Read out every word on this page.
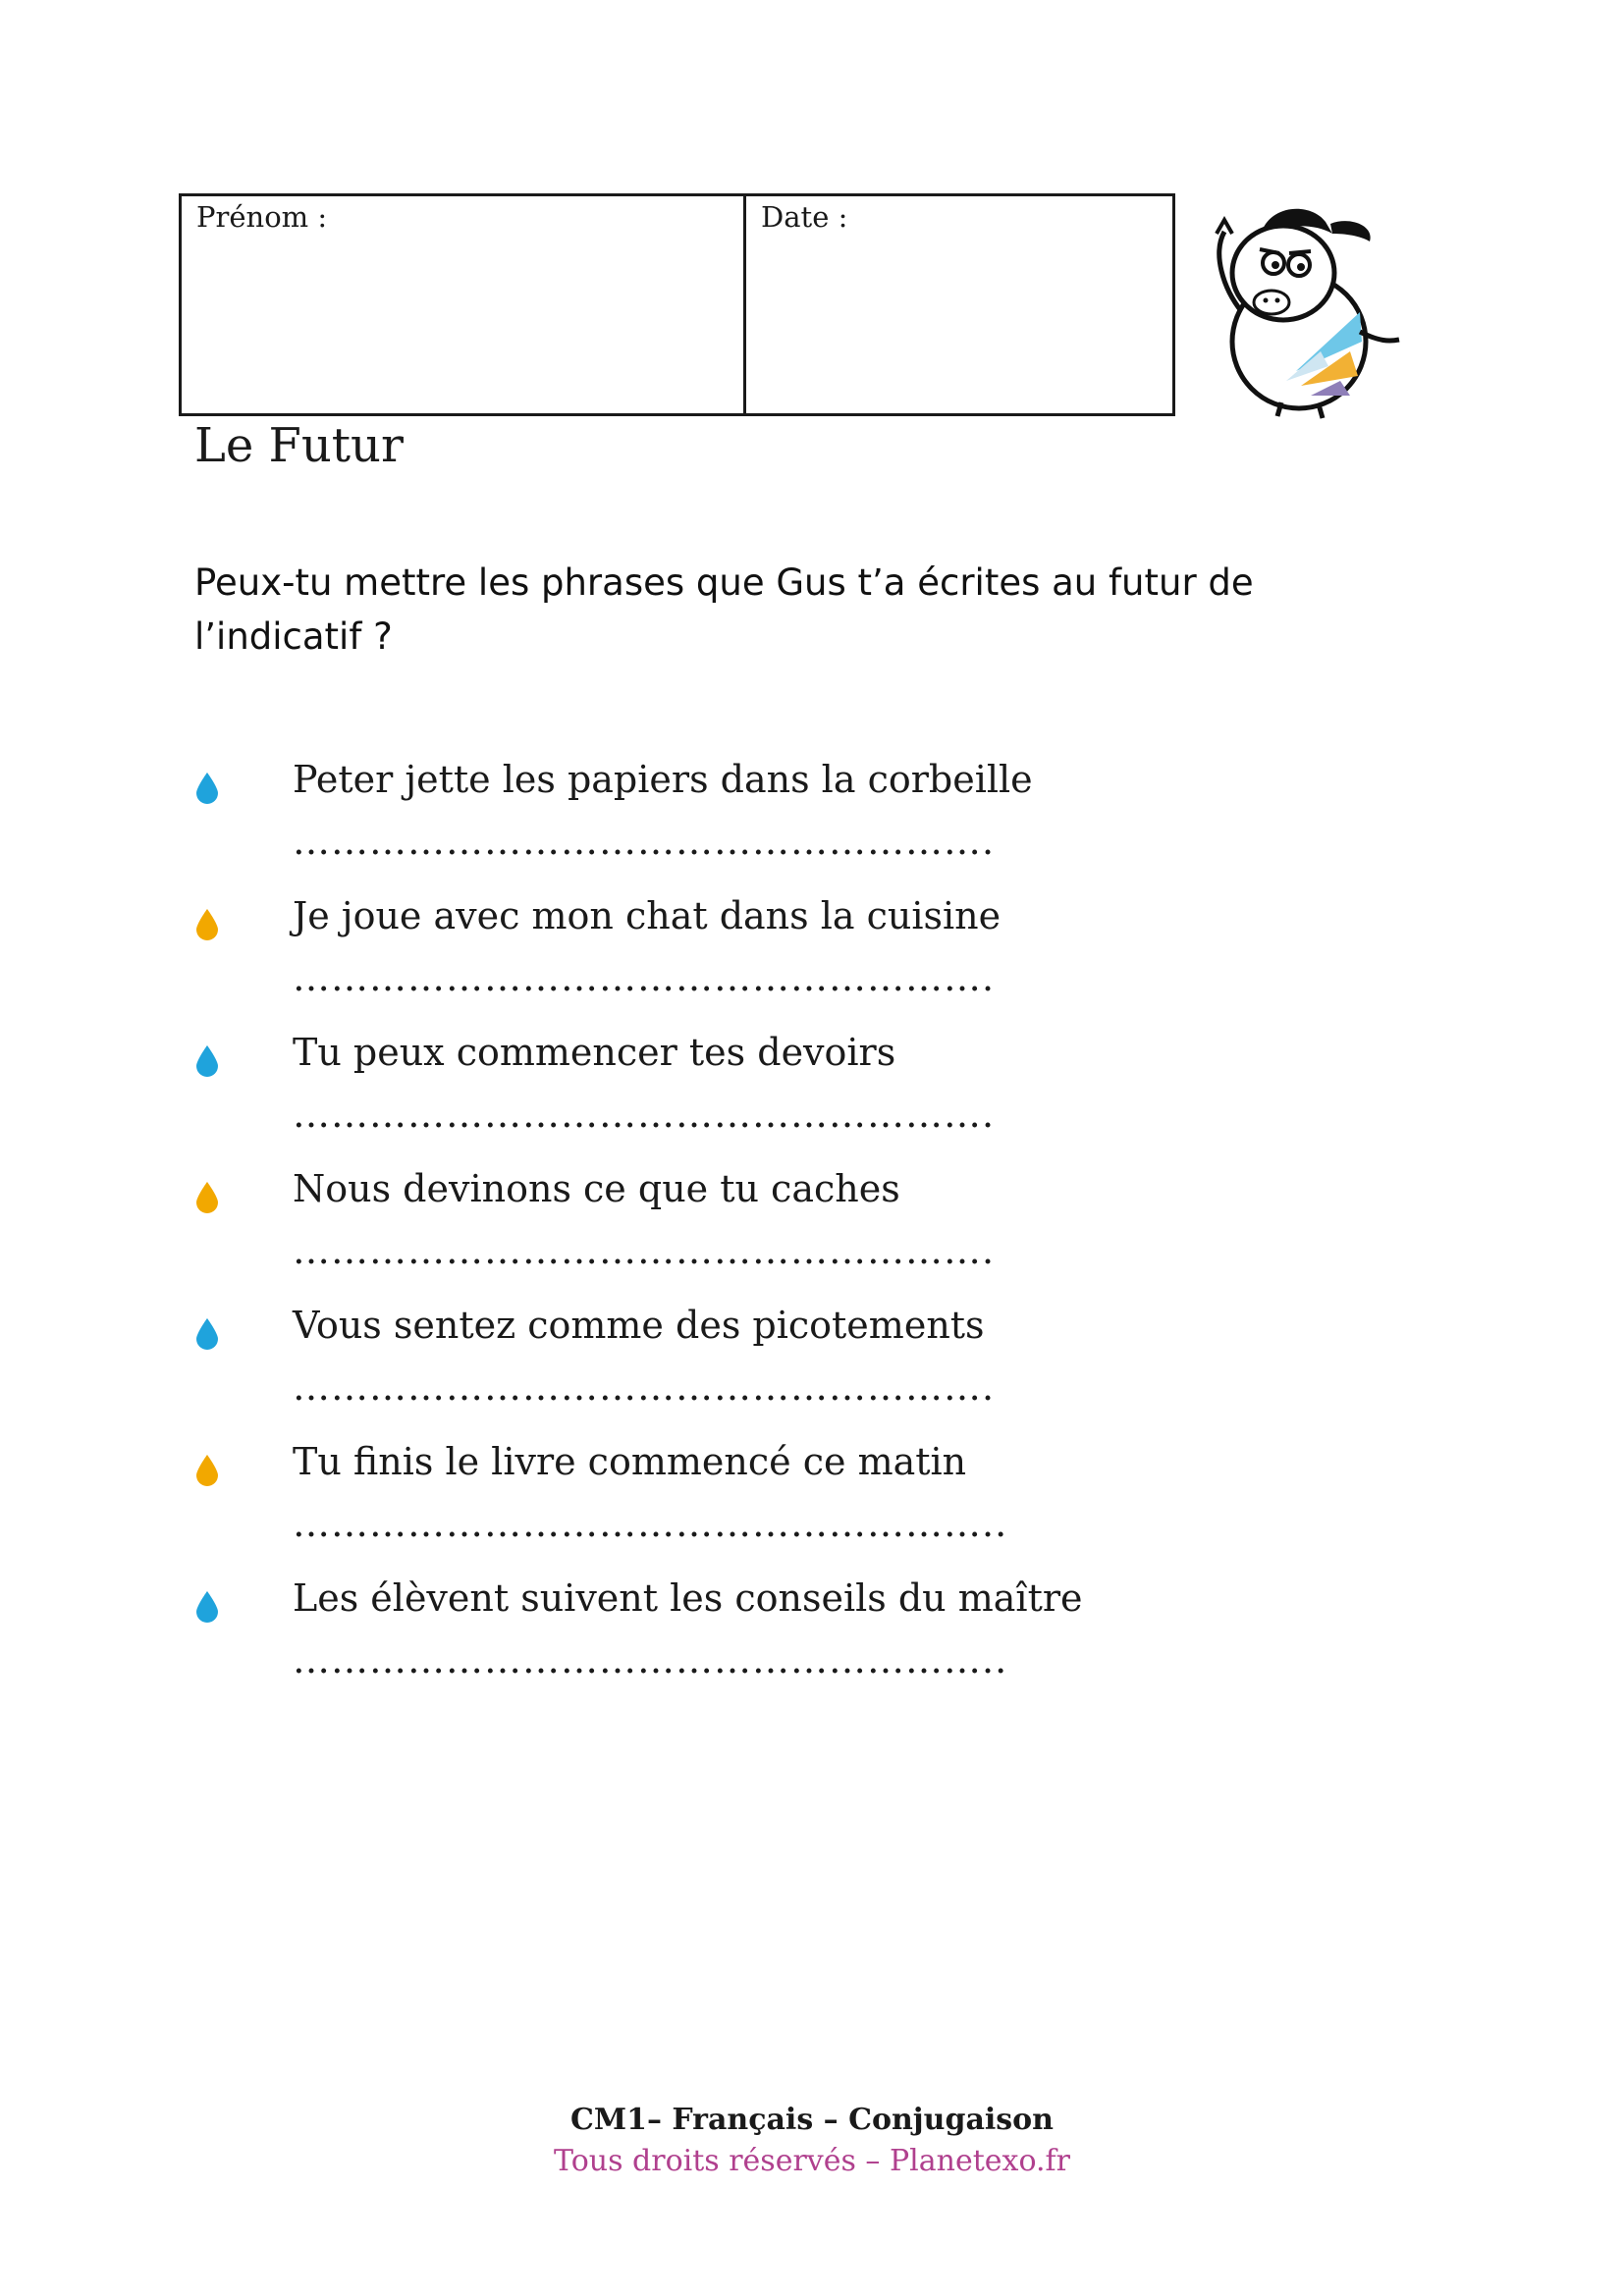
Prénom :	Date :
Le Futur
Peux-tu mettre les phrases que Gus t’a écrites au futur de l’indicatif ?
Peter jette les papiers dans la corbeille
……………………………………………….
Je joue avec mon chat dans la cuisine
……………………………………………….
Tu peux commencer tes devoirs
……………………………………………….
Nous devinons ce que tu caches
……………………………………………….
Vous sentez comme des picotements
……………………………………………….
Tu finis le livre commencé ce matin
………………………………………………..
Les élèvent suivent les conseils du maître
………………………………………………..
CM1– Français – Conjugaison
Tous droits réservés – Planetexo.fr
